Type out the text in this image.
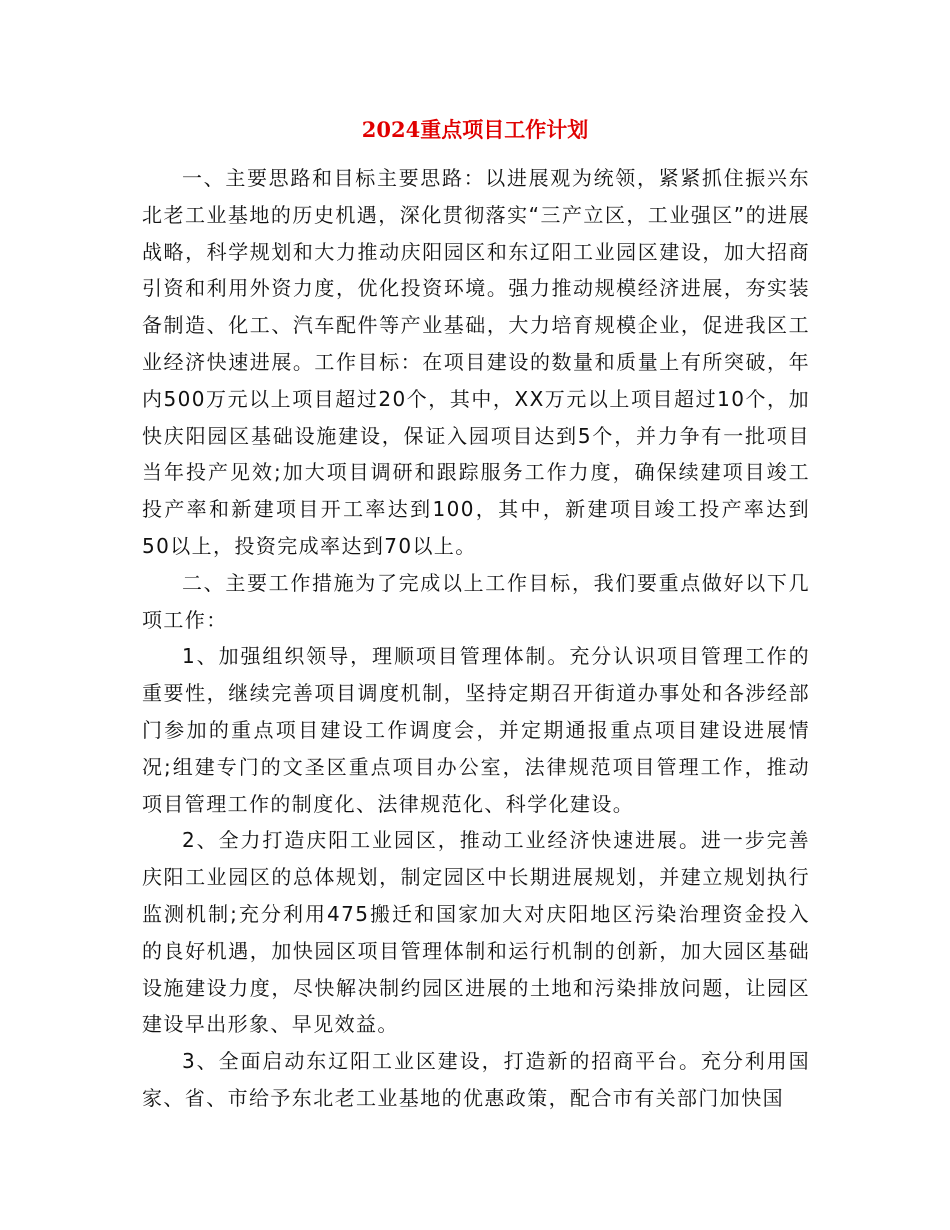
2024重点项目工作计划

一、主要思路和目标主要思路：以进展观为统领，紧紧抓住振兴东北老工业基地的历史机遇，深化贯彻落实“三产立区，工业强区”的进展战略，科学规划和大力推动庆阳园区和东辽阳工业园区建设，加大招商引资和利用外资力度，优化投资环境。强力推动规模经济进展，夯实装备制造、化工、汽车配件等产业基础，大力培育规模企业，促进我区工业经济快速进展。工作目标：在项目建设的数量和质量上有所突破，年内500万元以上项目超过20个，其中，XX万元以上项目超过10个，加快庆阳园区基础设施建设，保证入园项目达到5个，并力争有一批项目当年投产见效;加大项目调研和跟踪服务工作力度，确保续建项目竣工投产率和新建项目开工率达到100，其中，新建项目竣工投产率达到50以上，投资完成率达到70以上。

二、主要工作措施为了完成以上工作目标，我们要重点做好以下几项工作：

1、加强组织领导，理顺项目管理体制。充分认识项目管理工作的重要性，继续完善项目调度机制，坚持定期召开街道办事处和各涉经部门参加的重点项目建设工作调度会，并定期通报重点项目建设进展情况;组建专门的文圣区重点项目办公室，法律规范项目管理工作，推动项目管理工作的制度化、法律规范化、科学化建设。

2、全力打造庆阳工业园区，推动工业经济快速进展。进一步完善庆阳工业园区的总体规划，制定园区中长期进展规划，并建立规划执行监测机制;充分利用475搬迁和国家加大对庆阳地区污染治理资金投入的良好机遇，加快园区项目管理体制和运行机制的创新，加大园区基础设施建设力度，尽快解决制约园区进展的土地和污染排放问题，让园区建设早出形象、早见效益。

3、全面启动东辽阳工业区建设，打造新的招商平台。充分利用国家、省、市给予东北老工业基地的优惠政策，配合市有关部门加快国
